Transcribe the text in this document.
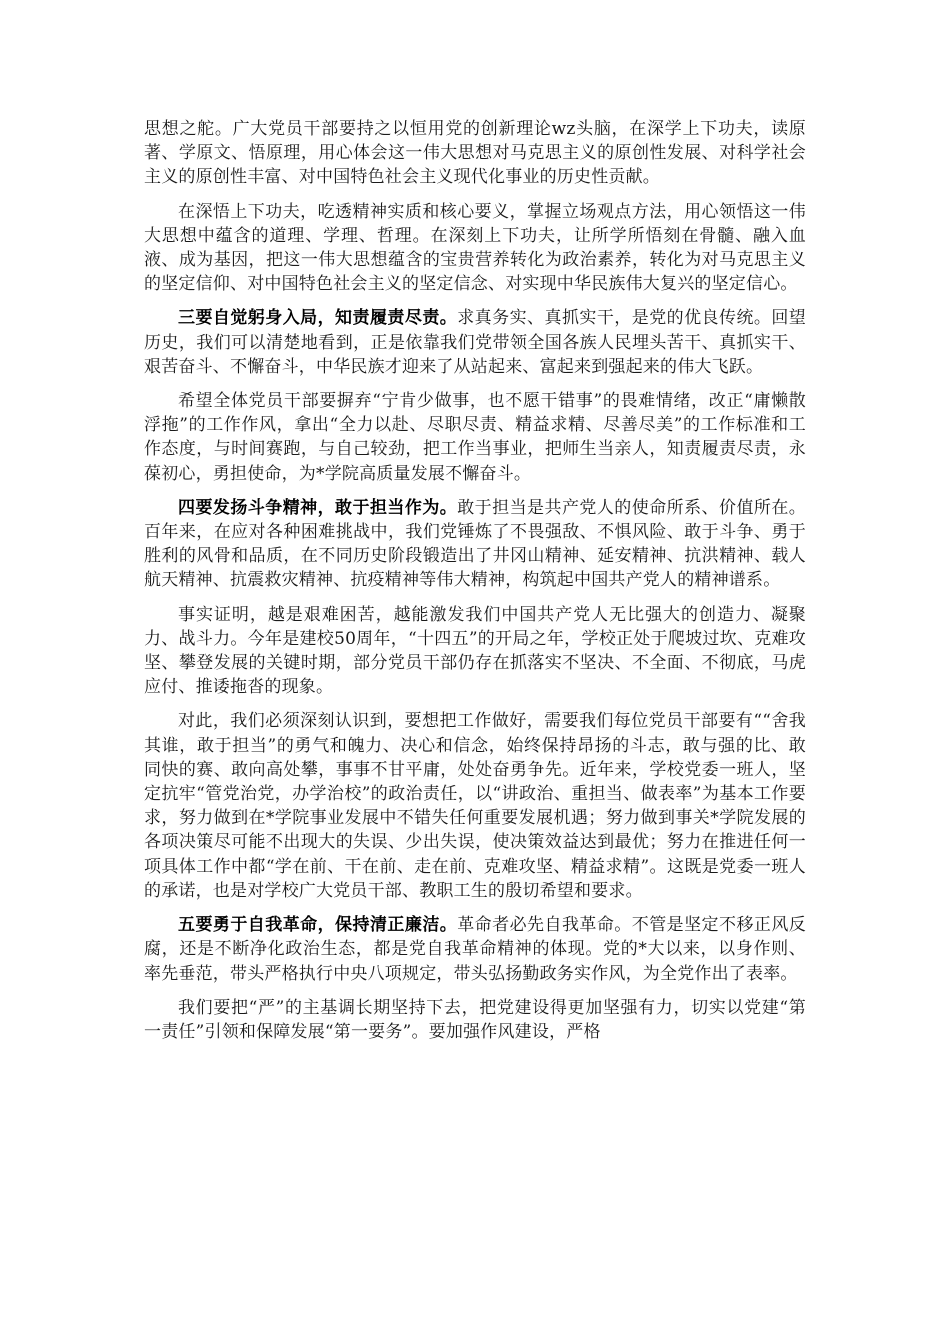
思想之舵。广大党员干部要持之以恒用党的创新理论wz头脑，在深学上下功夫，读原著、学原文、悟原理，用心体会这一伟大思想对马克思主义的原创性发展、对科学社会主义的原创性丰富、对中国特色社会主义现代化事业的历史性贡献。

在深悟上下功夫，吃透精神实质和核心要义，掌握立场观点方法，用心领悟这一伟大思想中蕴含的道理、学理、哲理。在深刻上下功夫，让所学所悟刻在骨髓、融入血液、成为基因，把这一伟大思想蕴含的宝贵营养转化为政治素养，转化为对马克思主义的坚定信仰、对中国特色社会主义的坚定信念、对实现中华民族伟大复兴的坚定信心。

三要自觉躬身入局，知责履责尽责。求真务实、真抓实干，是党的优良传统。回望历史，我们可以清楚地看到，正是依靠我们党带领全国各族人民埋头苦干、真抓实干、艰苦奋斗、不懈奋斗，中华民族才迎来了从站起来、富起来到强起来的伟大飞跃。

希望全体党员干部要摒弃“宁肯少做事，也不愿干错事”的畏难情绪，改正“庸懒散浮拖”的工作作风，拿出“全力以赴、尽职尽责、精益求精、尽善尽美”的工作标准和工作态度，与时间赛跑，与自己较劲，把工作当事业，把师生当亲人，知责履责尽责，永葆初心，勇担使命，为*学院高质量发展不懈奋斗。

四要发扬斗争精神，敢于担当作为。敢于担当是共产党人的使命所系、价值所在。百年来，在应对各种困难挑战中，我们党锤炼了不畏强敌、不惧风险、敢于斗争、勇于胜利的风骨和品质，在不同历史阶段锻造出了井冈山精神、延安精神、抗洪精神、载人航天精神、抗震救灾精神、抗疫精神等伟大精神，构筑起中国共产党人的精神谱系。

事实证明，越是艰难困苦，越能激发我们中国共产党人无比强大的创造力、凝聚力、战斗力。今年是建校50周年，“十四五”的开局之年，学校正处于爬坡过坎、克难攻坚、攀登发展的关键时期，部分党员干部仍存在抓落实不坚决、不全面、不彻底，马虎应付、推诿拖沓的现象。

对此，我们必须深刻认识到，要想把工作做好，需要我们每位党员干部要有““舍我其谁，敢于担当”的勇气和魄力、决心和信念，始终保持昂扬的斗志，敢与强的比、敢同快的赛、敢向高处攀，事事不甘平庸，处处奋勇争先。近年来，学校党委一班人，坚定抗牢“管党治党，办学治校”的政治责任，以“讲政治、重担当、做表率”为基本工作要求，努力做到在*学院事业发展中不错失任何重要发展机遇；努力做到事关*学院发展的各项决策尽可能不出现大的失误、少出失误，使决策效益达到最优；努力在推进任何一项具体工作中都“学在前、干在前、走在前、克难攻坚、精益求精”。这既是党委一班人的承诺，也是对学校广大党员干部、教职工生的殷切希望和要求。

五要勇于自我革命，保持清正廉洁。革命者必先自我革命。不管是坚定不移正风反腐，还是不断净化政治生态，都是党自我革命精神的体现。党的*大以来，以身作则、率先垂范，带头严格执行中央八项规定，带头弘扬勤政务实作风，为全党作出了表率。

我们要把“严”的主基调长期坚持下去，把党建设得更加坚强有力，切实以党建“第一责任”引领和保障发展“第一要务”。要加强作风建设，严格
